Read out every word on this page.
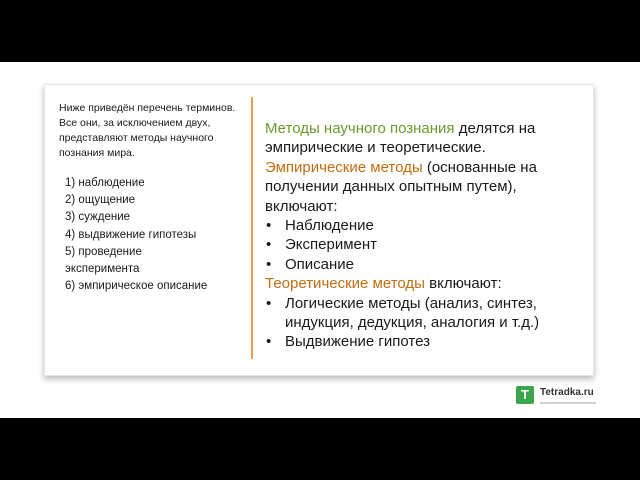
Ниже приведён перечень терминов. Все они, за исключением двух, представляют методы научного познания мира.

1) наблюдение
2) ощущение
3) суждение
4) выдвижение гипотезы
5) проведение
эксперимента
6) эмпирическое описание

Методы научного познания делятся на эмпирические и теоретические.

Эмпирические методы (основанные на получении данных опытным путем), включают:

• Наблюдение
• Эксперимент
• Описание

Теоретические методы включают:

• Логические методы (анализ, синтез, индукция, дедукция, аналогия и т.д.)
• Выдвижение гипотез
T	Tetradka.ru
